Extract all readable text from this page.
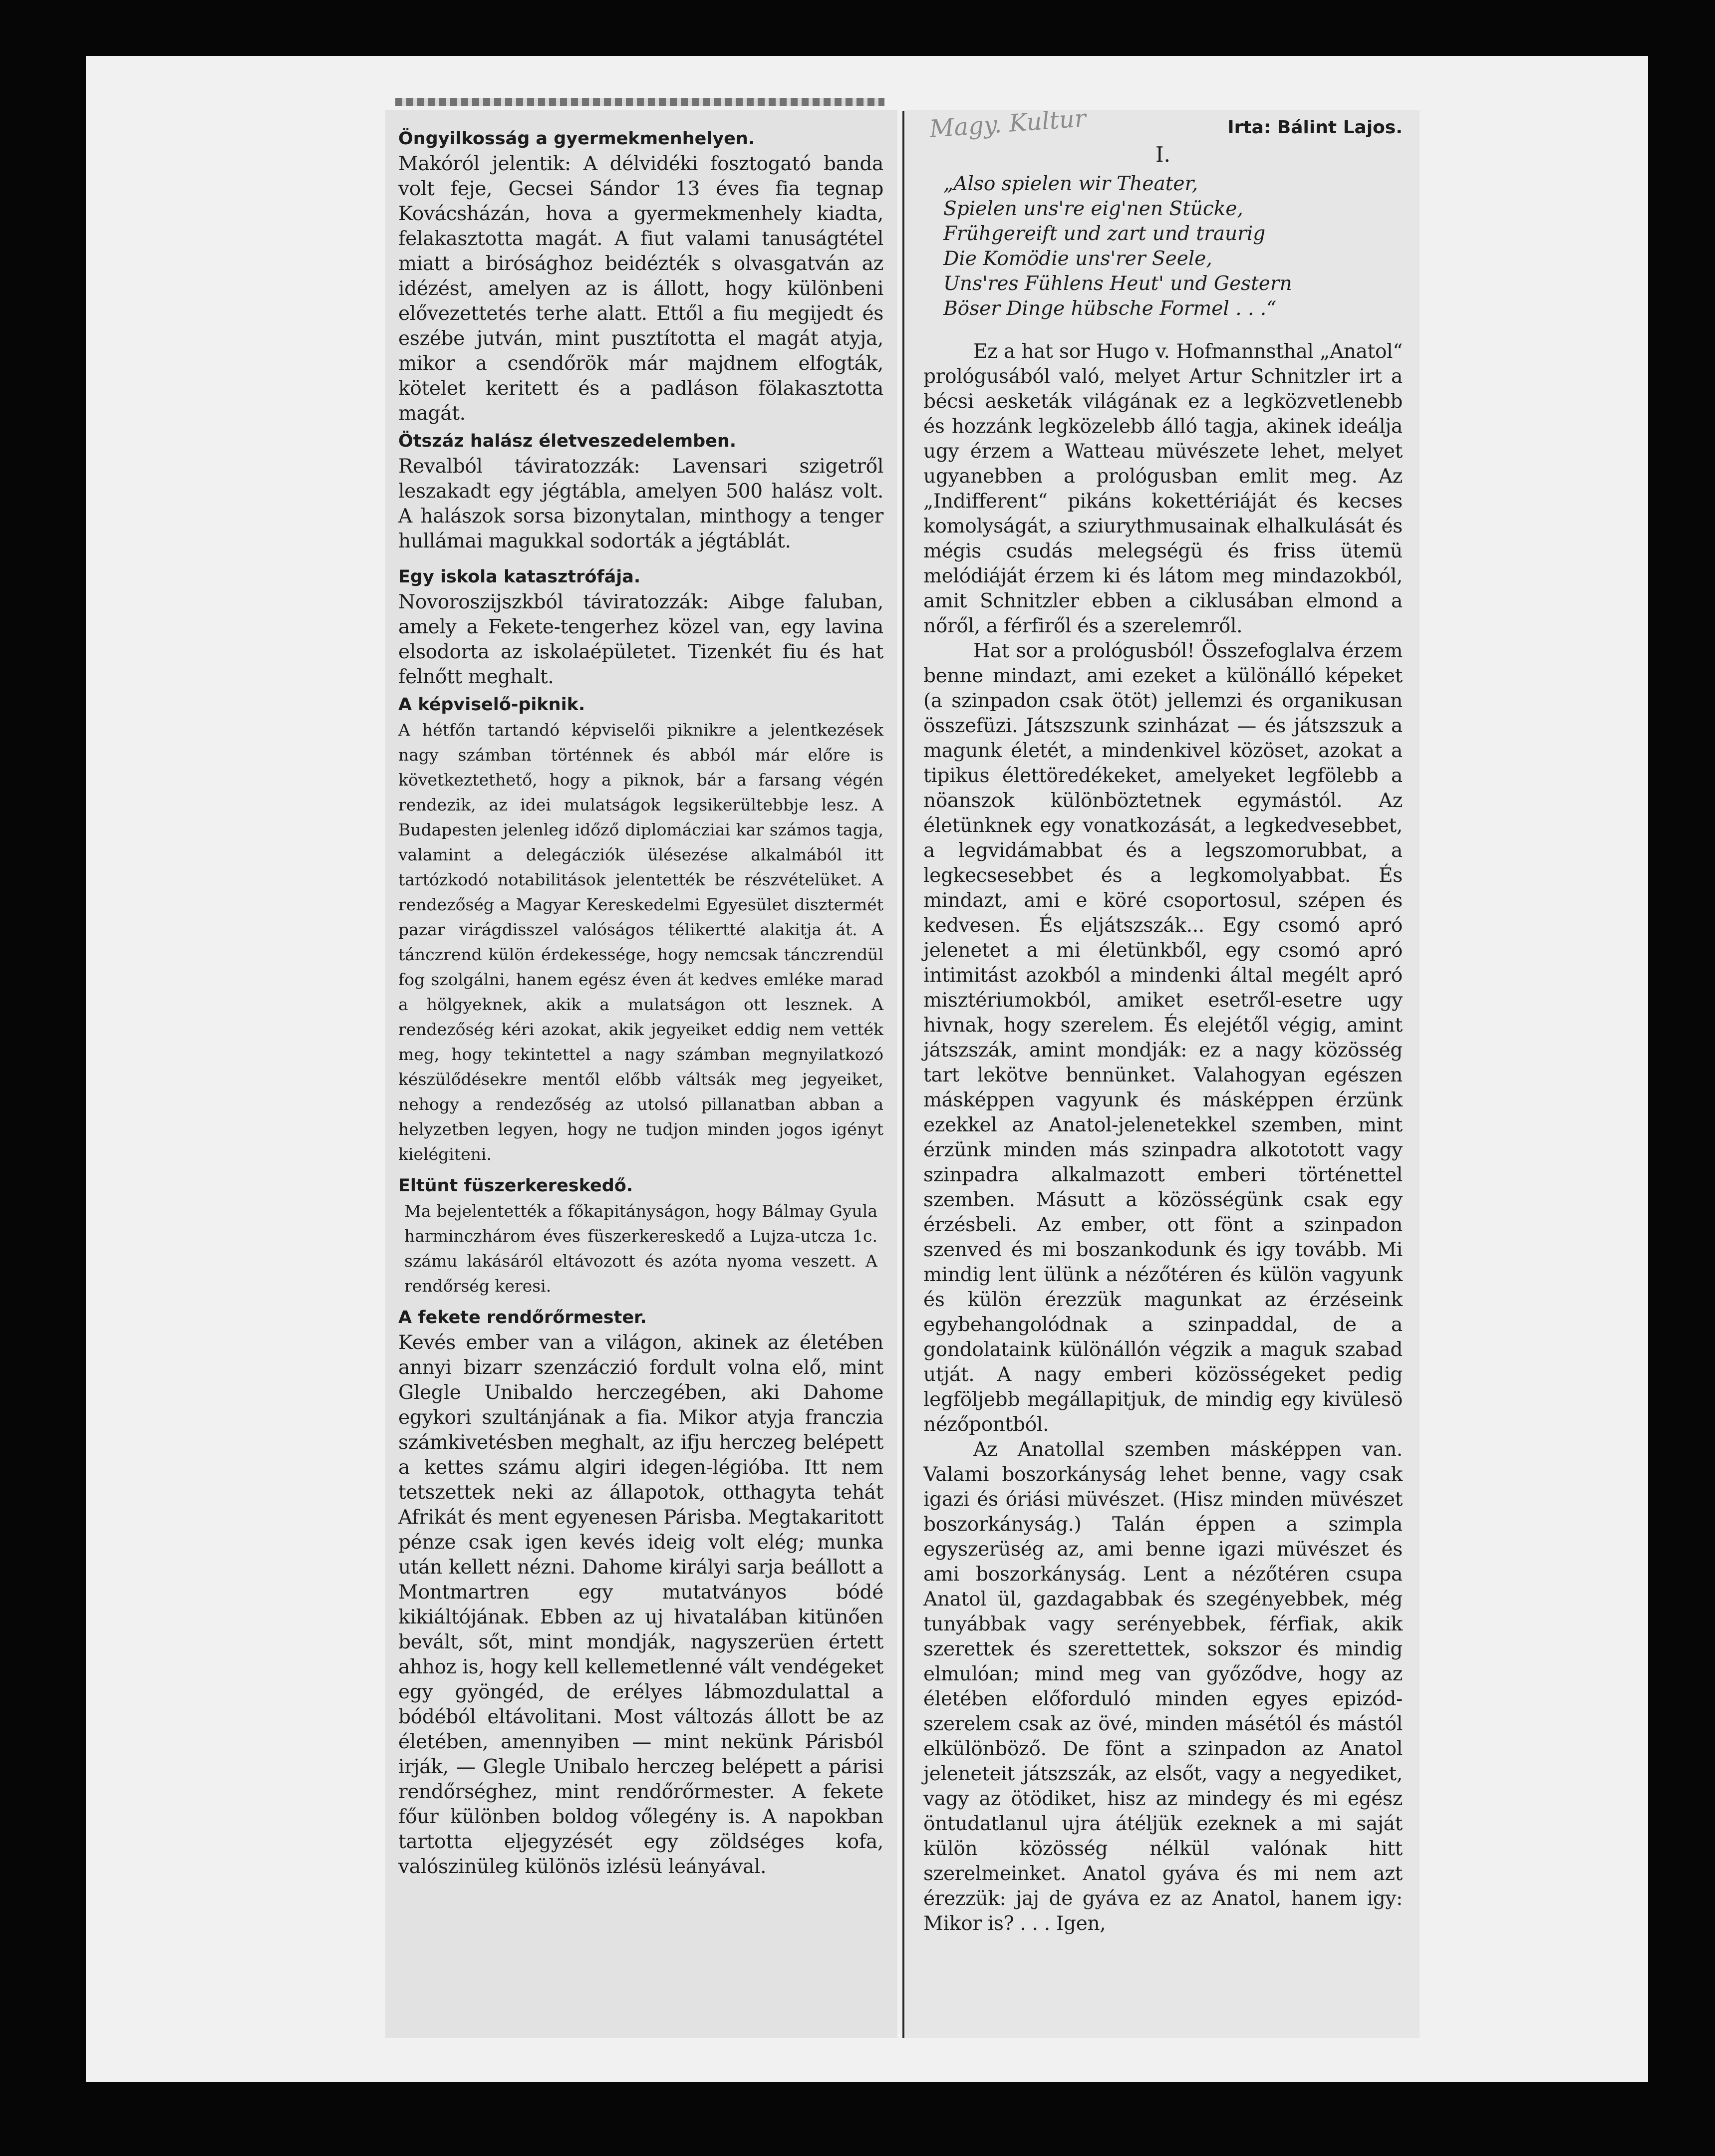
Öngyilkosság a gyermekmenhelyen.

Makóról jelentik: A délvidéki fosztogató banda volt feje, Gecsei Sándor 13 éves fia tegnap Kovácsházán, hova a gyermekmenhely kiadta, felakasztotta magát. A fiut valami tanuságtétel miatt a birósághoz beidézték s olvasgatván az idézést, amelyen az is állott, hogy különbeni elővezettetés terhe alatt. Ettől a fiu megijedt és eszébe jutván, mint pusztította el magát atyja, mikor a csendőrök már majdnem elfogták, kötelet keritett és a padláson fölakasztotta magát.

Ötszáz halász életveszedelemben.

Revalból táviratozzák: Lavensari szigetről leszakadt egy jégtábla, amelyen 500 halász volt. A halászok sorsa bizonytalan, minthogy a tenger hullámai magukkal sodorták a jégtáblát.

Egy iskola katasztrófája.

Novoroszijszkból táviratozzák: Aibge faluban, amely a Fekete-tengerhez közel van, egy lavina elsodorta az iskolaépületet. Tizenkét fiu és hat felnőtt meghalt.

A képviselő-piknik.

A hétfőn tartandó képviselői piknikre a jelentkezések nagy számban történnek és abból már előre is következtethető, hogy a piknok, bár a farsang végén rendezik, az idei mulatságok legsikerültebbje lesz. A Budapesten jelenleg időző diplomácziai kar számos tagja, valamint a delegácziók ülésezése alkalmából itt tartózkodó notabilitások jelentették be részvételüket. A rendezőség a Magyar Kereskedelmi Egyesület disztermét pazar virágdisszel valóságos télikertté alakitja át. A tánczrend külön érdekessége, hogy nemcsak tánczrendül fog szolgálni, hanem egész éven át kedves emléke marad a hölgyeknek, akik a mulatságon ott lesznek. A rendezőség kéri azokat, akik jegyeiket eddig nem vették meg, hogy tekintettel a nagy számban megnyilatkozó készülődésekre mentől előbb váltsák meg jegyeiket, nehogy a rendezőség az utolsó pillanatban abban a helyzetben legyen, hogy ne tudjon minden jogos igényt kielégiteni.

Eltünt füszerkereskedő.

Ma bejelentették a főkapitányságon, hogy Bálmay Gyula harminczhárom éves füszerkereskedő a Lujza-utcza 1c. számu lakásáról eltávozott és azóta nyoma veszett. A rendőrség keresi.

A fekete rendőrőrmester.

Kevés ember van a világon, akinek az életében annyi bizarr szenzáczió fordult volna elő, mint Glegle Unibaldo herczegében, aki Dahome egykori szultánjának a fia. Mikor atyja franczia számkivetésben meghalt, az ifju herczeg belépett a kettes számu algiri idegen-légióba. Itt nem tetszettek neki az állapotok, otthagyta tehát Afrikát és ment egyenesen Párisba. Megtakaritott pénze csak igen kevés ideig volt elég; munka után kellett nézni. Dahome királyi sarja beállott a Montmartren egy mutatványos bódé kikiáltójának. Ebben az uj hivatalában kitünően bevált, sőt, mint mondják, nagyszerüen értett ahhoz is, hogy kell kellemetlenné vált vendégeket egy gyöngéd, de erélyes lábmozdulattal a bódéból eltávolitani. Most változás állott be az életében, amennyiben — mint nekünk Párisból irják, — Glegle Unibalo herczeg belépett a párisi rendőrséghez, mint rendőrőrmester. A fekete főur különben boldog vőlegény is. A napokban tartotta eljegyzését egy zöldséges kofa, valószinüleg különös izlésü leányával.

Irta: Bálint Lajos.
I.
„Also spielen wir Theater,
Spielen uns're eig'nen Stücke,
Frühgereift und zart und traurig
Die Komödie uns'rer Seele,
Uns'res Fühlens Heut' und Gestern
Böser Dinge hübsche Formel . . .“

Ez a hat sor Hugo v. Hofmannsthal „Anatol“ prológusából való, melyet Artur Schnitzler irt a bécsi aesketák világának ez a legközvetlenebb és hozzánk legközelebb álló tagja, akinek ideálja ugy érzem a Watteau müvészete lehet, melyet ugyanebben a prológusban emlit meg. Az „Indifferent“ pikáns kokettériáját és kecses komolyságát, a sziurythmusainak elhalkulását és mégis csudás melegségü és friss ütemü melódiáját érzem ki és látom meg mindazokból, amit Schnitzler ebben a ciklusában elmond a nőről, a férfiről és a szerelemről.

Hat sor a prológusból! Összefoglalva érzem benne mindazt, ami ezeket a különálló képeket (a szinpadon csak ötöt) jellemzi és organikusan összefüzi. Játszszunk szinházat — és játszszuk a magunk életét, a mindenkivel közöset, azokat a tipikus élettöredékeket, amelyeket legfölebb a nöanszok különböztetnek egymástól. Az életünknek egy vonatkozását, a legkedvesebbet, a legvidámabbat és a legszomorubbat, a legkecsesebbet és a legkomolyabbat. És mindazt, ami e köré csoportosul, szépen és kedvesen. És eljátszszák... Egy csomó apró jelenetet a mi életünkből, egy csomó apró intimitást azokból a mindenki által megélt apró misztériumokból, amiket esetről-esetre ugy hivnak, hogy szerelem. És elejétől végig, amint játszszák, amint mondják: ez a nagy közösség tart lekötve bennünket. Valahogyan egészen másképpen vagyunk és másképpen érzünk ezekkel az Anatol-jelenetekkel szemben, mint érzünk minden más szinpadra alkototott vagy szinpadra alkalmazott emberi történettel szemben. Másutt a közösségünk csak egy érzésbeli. Az ember, ott fönt a szinpadon szenved és mi boszankodunk és igy tovább. Mi mindig lent ülünk a nézőtéren és külön vagyunk és külön érezzük magunkat az érzéseink egybehangolódnak a szinpaddal, de a gondolataink különállón végzik a maguk szabad utját. A nagy emberi közösségeket pedig legföljebb megállapitjuk, de mindig egy kivülesö nézőpontból.

Az Anatollal szemben másképpen van. Valami boszorkányság lehet benne, vagy csak igazi és óriási müvészet. (Hisz minden müvészet boszorkányság.) Talán éppen a szimpla egyszerüség az, ami benne igazi müvészet és ami boszorkányság. Lent a nézőtéren csupa Anatol ül, gazdagabbak és szegényebbek, még tunyábbak vagy serényebbek, férfiak, akik szerettek és szerettettek, sokszor és mindig elmulóan; mind meg van győződve, hogy az életében előforduló minden egyes epizód-szerelem csak az övé, minden másétól és mástól elkülönböző. De fönt a szinpadon az Anatol jeleneteit játszszák, az elsőt, vagy a negyediket, vagy az ötödiket, hisz az mindegy és mi egész öntudatlanul ujra átéljük ezeknek a mi saját külön közösség nélkül valónak hitt szerelmeinket. Anatol gyáva és mi nem azt érezzük: jaj de gyáva ez az Anatol, hanem igy: Mikor is? . . . Igen,

Magy. Kultur
